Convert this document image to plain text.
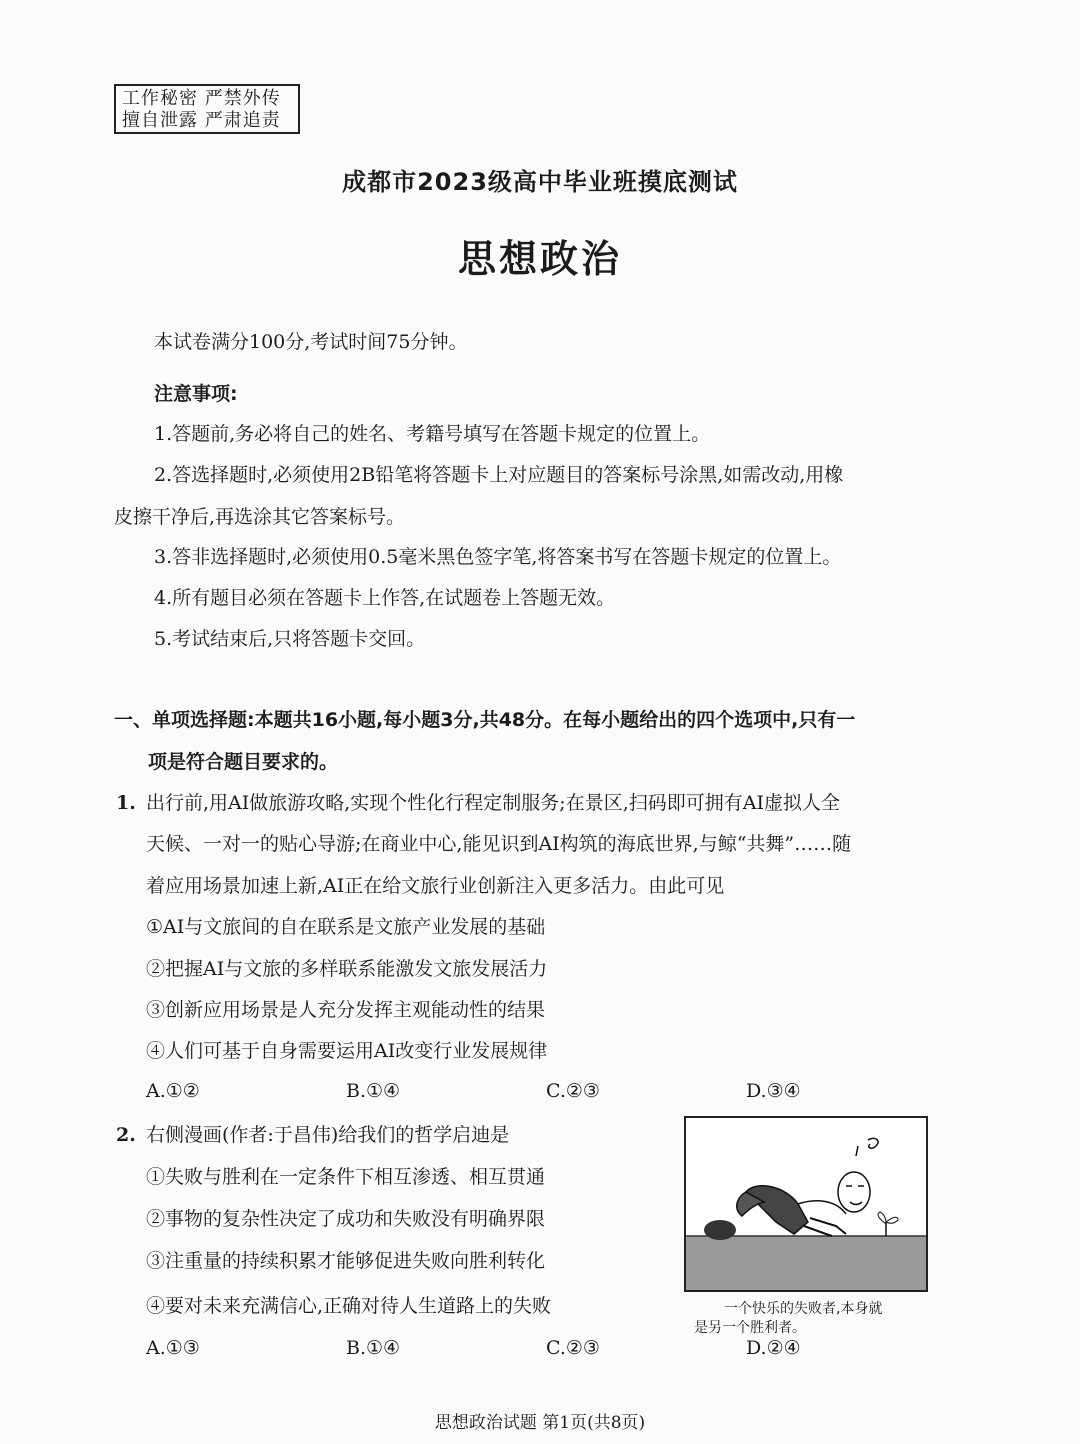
工作秘密 严禁外传
擅自泄露 严肃追责
成都市2023级高中毕业班摸底测试
思想政治
本试卷满分100分,考试时间75分钟。
注意事项:
1.答题前,务必将自己的姓名、考籍号填写在答题卡规定的位置上。
2.答选择题时,必须使用2B铅笔将答题卡上对应题目的答案标号涂黑,如需改动,用橡
皮擦干净后,再选涂其它答案标号。
3.答非选择题时,必须使用0.5毫米黑色签字笔,将答案书写在答题卡规定的位置上。
4.所有题目必须在答题卡上作答,在试题卷上答题无效。
5.考试结束后,只将答题卡交回。
一、单项选择题:本题共16小题,每小题3分,共48分。在每小题给出的四个选项中,只有一
项是符合题目要求的。
1. 出行前,用AI做旅游攻略,实现个性化行程定制服务;在景区,扫码即可拥有AI虚拟人全
天候、一对一的贴心导游;在商业中心,能见识到AI构筑的海底世界,与鲸“共舞”……随
着应用场景加速上新,AI正在给文旅行业创新注入更多活力。由此可见
①AI与文旅间的自在联系是文旅产业发展的基础
②把握AI与文旅的多样联系能激发文旅发展活力
③创新应用场景是人充分发挥主观能动性的结果
④人们可基于自身需要运用AI改变行业发展规律
A.①②	B.①④	C.②③	D.③④
2. 右侧漫画(作者:于昌伟)给我们的哲学启迪是
①失败与胜利在一定条件下相互渗透、相互贯通
②事物的复杂性决定了成功和失败没有明确界限
③注重量的持续积累才能够促进失败向胜利转化
④要对未来充满信心,正确对待人生道路上的失败
A.①③	B.①④	C.②③	D.②④
一个快乐的失败者,本身就
是另一个胜利者。
思想政治试题 第1页(共8页)
